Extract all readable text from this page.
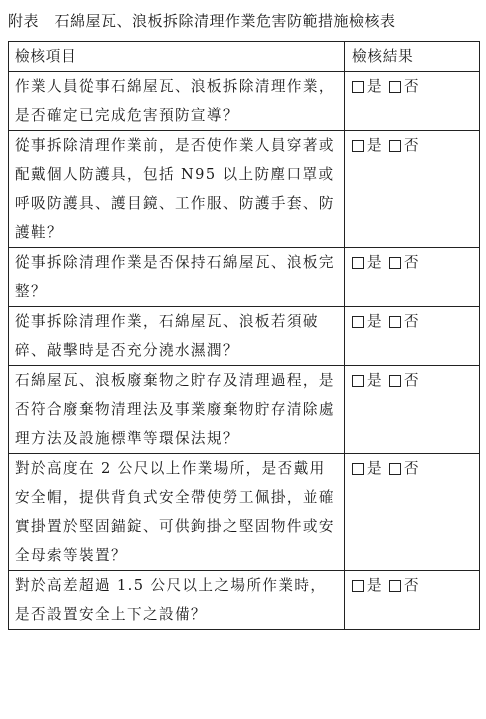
附表　石綿屋瓦、浪板拆除清理作業危害防範措施檢核表
檢核項目	檢核結果
作業人員從事石綿屋瓦、浪板拆除清理作業，是否確定已完成危害預防宣導？	是 否

從事拆除清理作業前，是否使作業人員穿著或配戴個人防護具，包括 N95 以上防塵口罩或呼吸防護具、護目鏡、工作服、防護手套、防護鞋？	是 否

從事拆除清理作業是否保持石綿屋瓦、浪板完整？	是 否

從事拆除清理作業，石綿屋瓦、浪板若須破碎、敲擊時是否充分澆水濕潤？	是 否

石綿屋瓦、浪板廢棄物之貯存及清理過程，是否符合廢棄物清理法及事業廢棄物貯存清除處理方法及設施標準等環保法規？	是 否

對於高度在 2 公尺以上作業場所，是否戴用安全帽，提供背負式安全帶使勞工佩掛，並確實掛置於堅固錨錠、可供鉤掛之堅固物件或安全母索等裝置？	是 否

對於高差超過 1.5 公尺以上之場所作業時，是否設置安全上下之設備？	是 否
